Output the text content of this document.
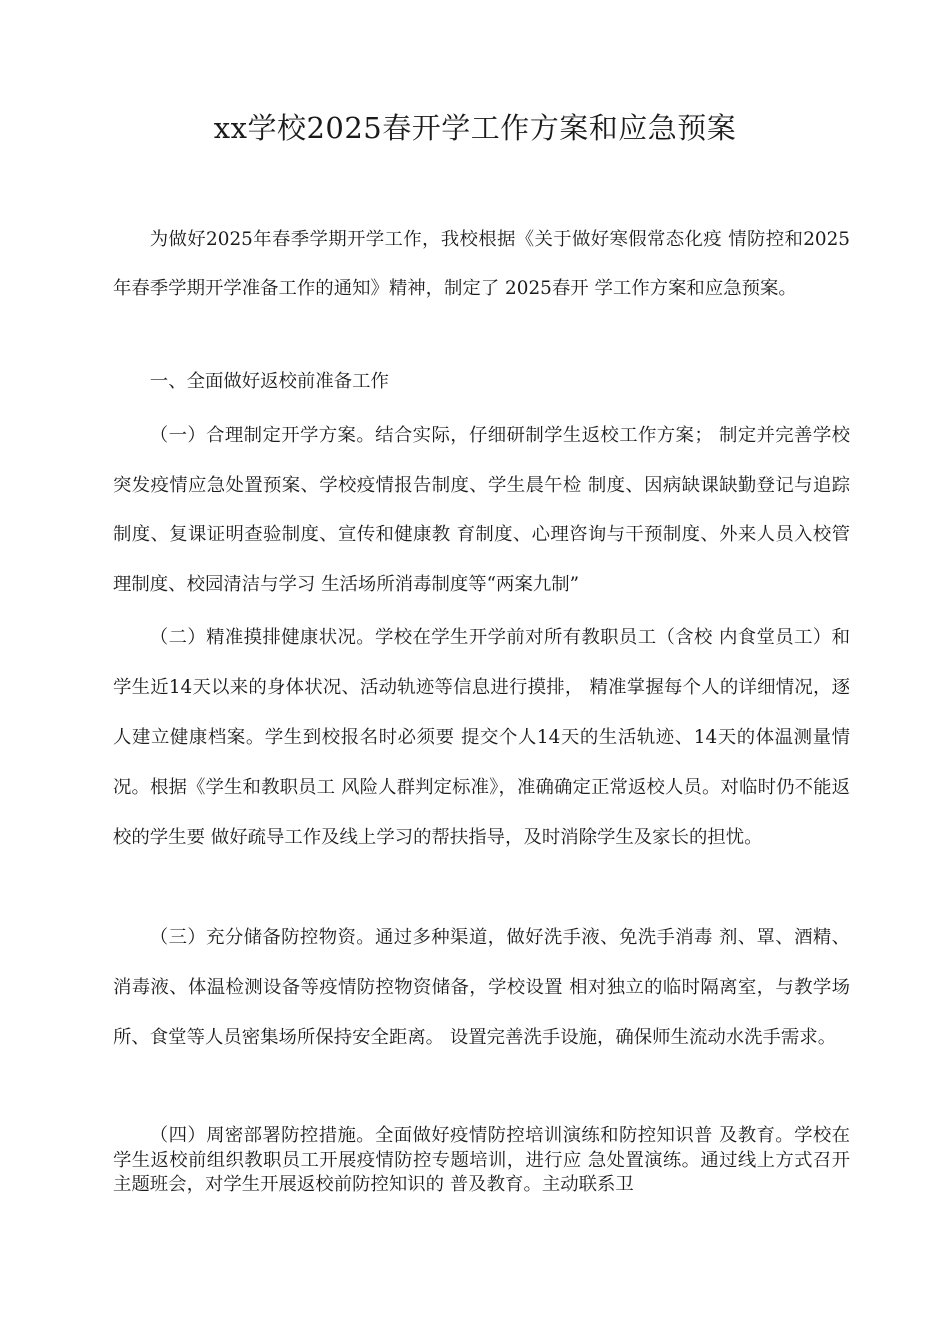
xx学校2025春开学工作方案和应急预案
为做好2025年春季学期开学工作，我校根据《关于做好寒假常态化疫 情防控和2025年春季学期开学准备工作的通知》精神，制定了 2025春开 学工作方案和应急预案。
一、全面做好返校前准备工作
（一）合理制定开学方案。结合实际，仔细研制学生返校工作方案； 制定并完善学校突发疫情应急处置预案、学校疫情报告制度、学生晨午检 制度、因病缺课缺勤登记与追踪制度、复课证明查验制度、宣传和健康教 育制度、心理咨询与干预制度、外来人员入校管理制度、校园清洁与学习 生活场所消毒制度等“两案九制”
（二）精准摸排健康状况。学校在学生开学前对所有教职员工（含校 内食堂员工）和学生近14天以来的身体状况、活动轨迹等信息进行摸排， 精准掌握每个人的详细情况，逐人建立健康档案。学生到校报名时必须要 提交个人14天的生活轨迹、14天的体温测量情况。根据《学生和教职员工 风险人群判定标准》，准确确定正常返校人员。对临时仍不能返校的学生要 做好疏导工作及线上学习的帮扶指导，及时消除学生及家长的担忧。
（三）充分储备防控物资。通过多种渠道，做好洗手液、免洗手消毒 剂、罩、酒精、消毒液、体温检测设备等疫情防控物资储备，学校设置 相对独立的临时隔离室，与教学场所、食堂等人员密集场所保持安全距离。 设置完善洗手设施，确保师生流动水洗手需求。
（四）周密部署防控措施。全面做好疫情防控培训演练和防控知识普 及教育。学校在学生返校前组织教职员工开展疫情防控专题培训，进行应 急处置演练。通过线上方式召开主题班会，对学生开展返校前防控知识的 普及教育。主动联系卫
